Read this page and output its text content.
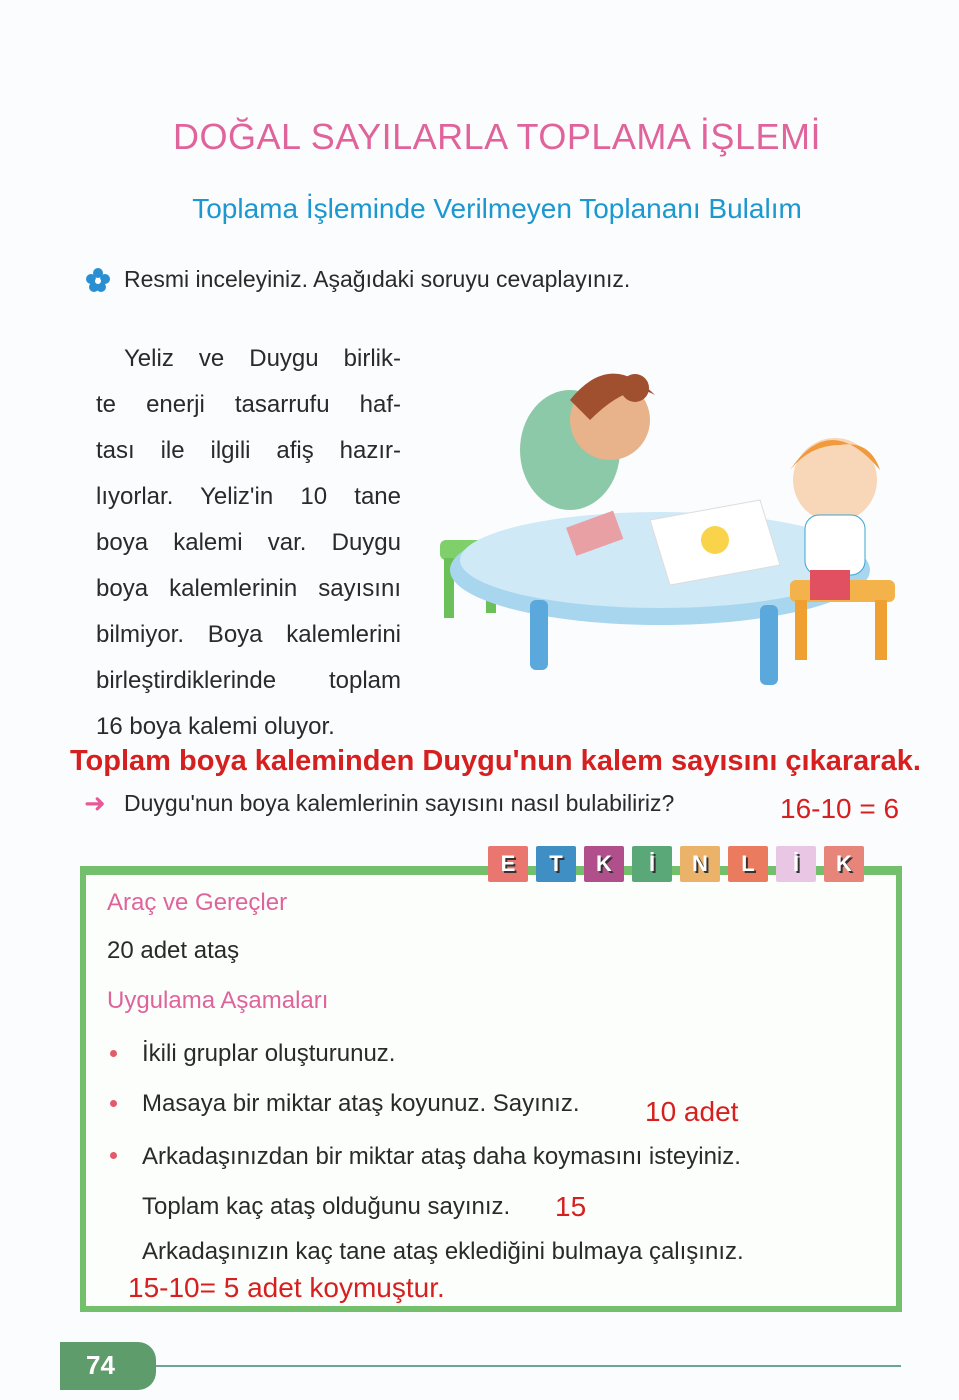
DOĞAL SAYILARLA TOPLAMA İŞLEMİ
Toplama İşleminde Verilmeyen Toplananı Bulalım
Resmi inceleyiniz. Aşağıdaki soruyu cevaplayınız.
Yeliz ve Duygu birlik-
te enerji tasarrufu haf-
tası ile ilgili afiş hazır-
lıyorlar. Yeliz'in 10 tane
boya kalemi var. Duygu
boya kalemlerinin sayısını
bilmiyor. Boya kalemlerini
birleştirdiklerinde toplam
16 boya kalemi oluyor.
Toplam boya kaleminden Duygu'nun kalem sayısını çıkararak.
➜ Duygu'nun boya kalemlerinin sayısını nasıl bulabiliriz?	16-10 = 6
E	T	K	İ	N	L	İ	K
Araç ve Gereçler
20 adet ataş
Uygulama Aşamaları
İkili gruplar oluşturunuz.
Masaya bir miktar ataş koyunuz. Sayınız. 10 adet
Arkadaşınızdan bir miktar ataş daha koymasını isteyiniz.
Toplam kaç ataş olduğunu sayınız. 15
Arkadaşınızın kaç tane ataş eklediğini bulmaya çalışınız.
15-10= 5 adet koymuştur.
74
